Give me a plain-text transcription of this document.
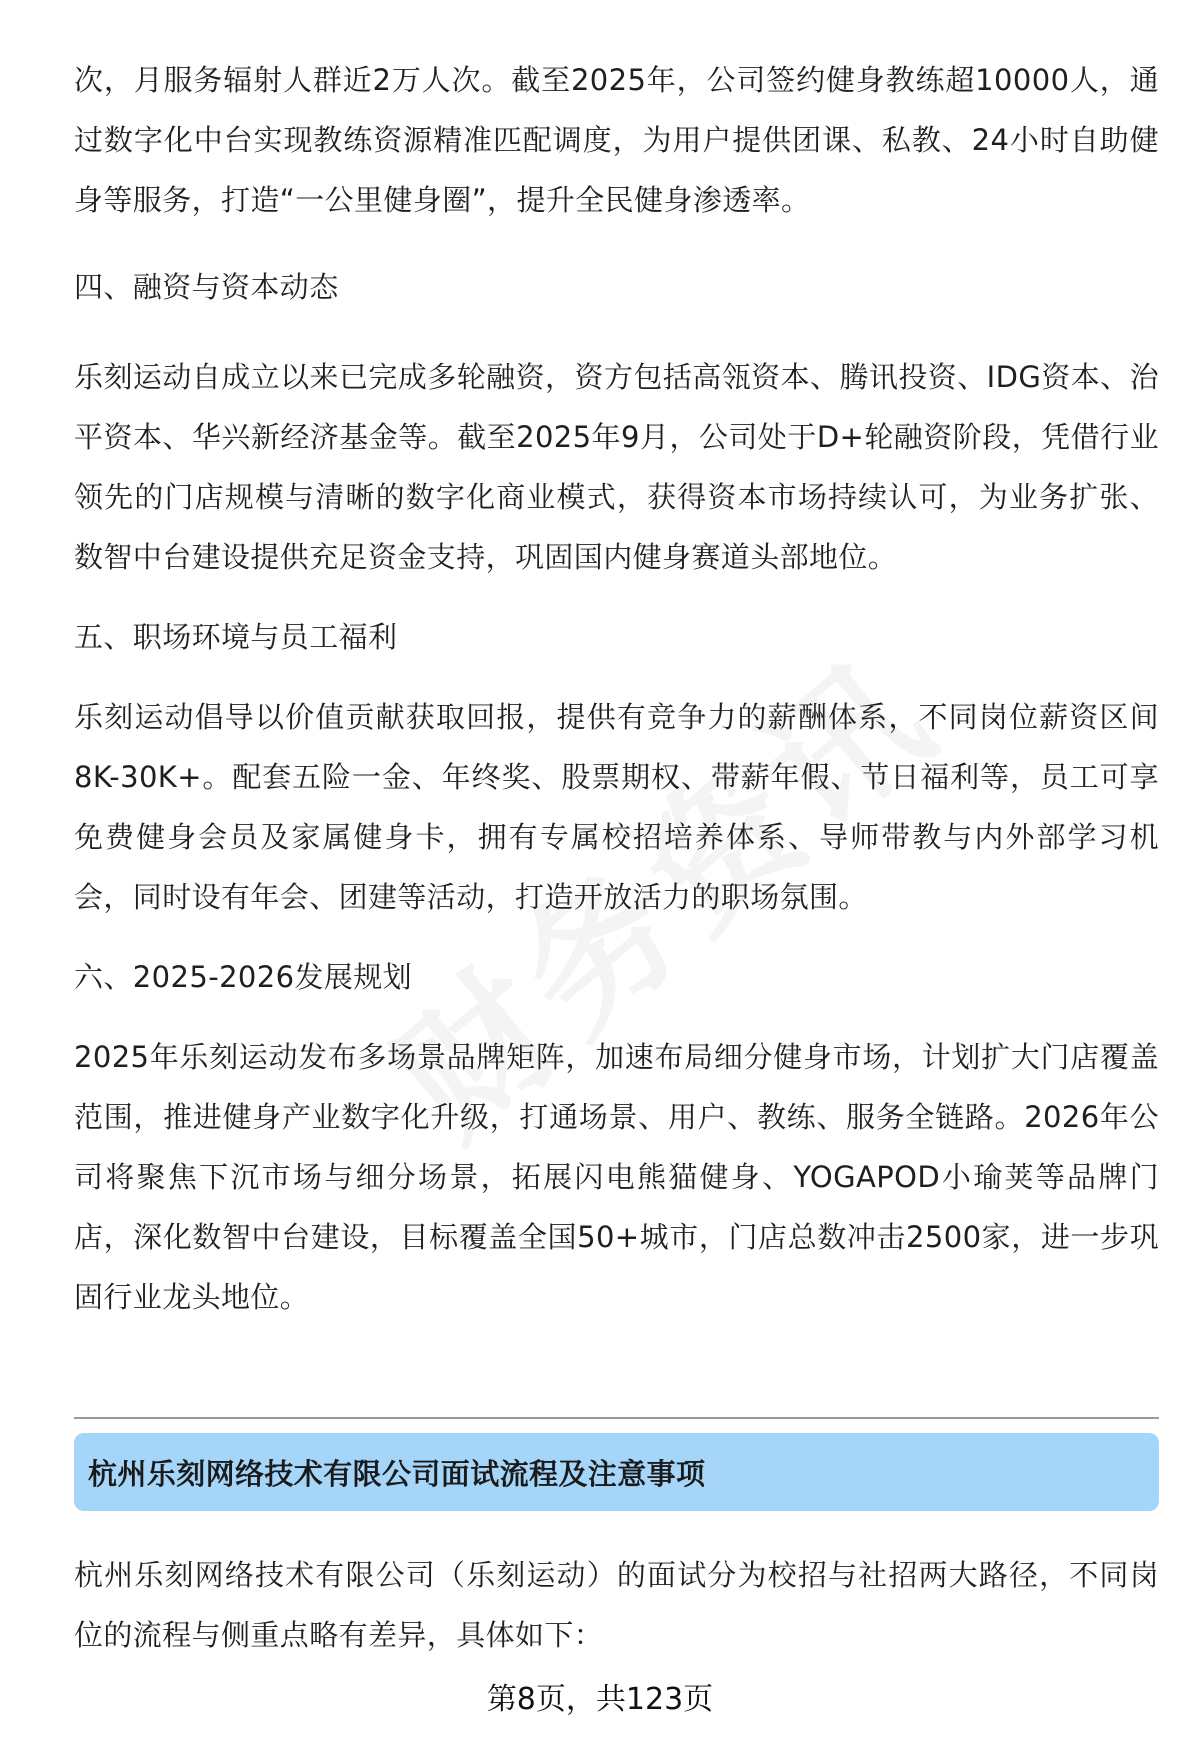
次，月服务辐射人群近2万人次。截至2025年，公司签约健身教练超10000人，通过数字化中台实现教练资源精准匹配调度，为用户提供团课、私教、24小时自助健身等服务，打造“一公里健身圈”，提升全民健身渗透率。

四、融资与资本动态

乐刻运动自成立以来已完成多轮融资，资方包括高瓴资本、腾讯投资、IDG资本、治平资本、华兴新经济基金等。截至2025年9月，公司处于D+轮融资阶段，凭借行业领先的门店规模与清晰的数字化商业模式，获得资本市场持续认可，为业务扩张、数智中台建设提供充足资金支持，巩固国内健身赛道头部地位。

五、职场环境与员工福利

乐刻运动倡导以价值贡献获取回报，提供有竞争力的薪酬体系，不同岗位薪资区间8K-30K+。配套五险一金、年终奖、股票期权、带薪年假、节日福利等，员工可享免费健身会员及家属健身卡，拥有专属校招培养体系、导师带教与内外部学习机会，同时设有年会、团建等活动，打造开放活力的职场氛围。

六、2025-2026发展规划

2025年乐刻运动发布多场景品牌矩阵，加速布局细分健身市场，计划扩大门店覆盖范围，推进健身产业数字化升级，打通场景、用户、教练、服务全链路。2026年公司将聚焦下沉市场与细分场景，拓展闪电熊猫健身、YOGAPOD小瑜荚等品牌门店，深化数智中台建设，目标覆盖全国50+城市，门店总数冲击2500家，进一步巩固行业龙头地位。

杭州乐刻网络技术有限公司面试流程及注意事项

杭州乐刻网络技术有限公司（乐刻运动）的面试分为校招与社招两大路径，不同岗位的流程与侧重点略有差异，具体如下：

第8页，共123页
